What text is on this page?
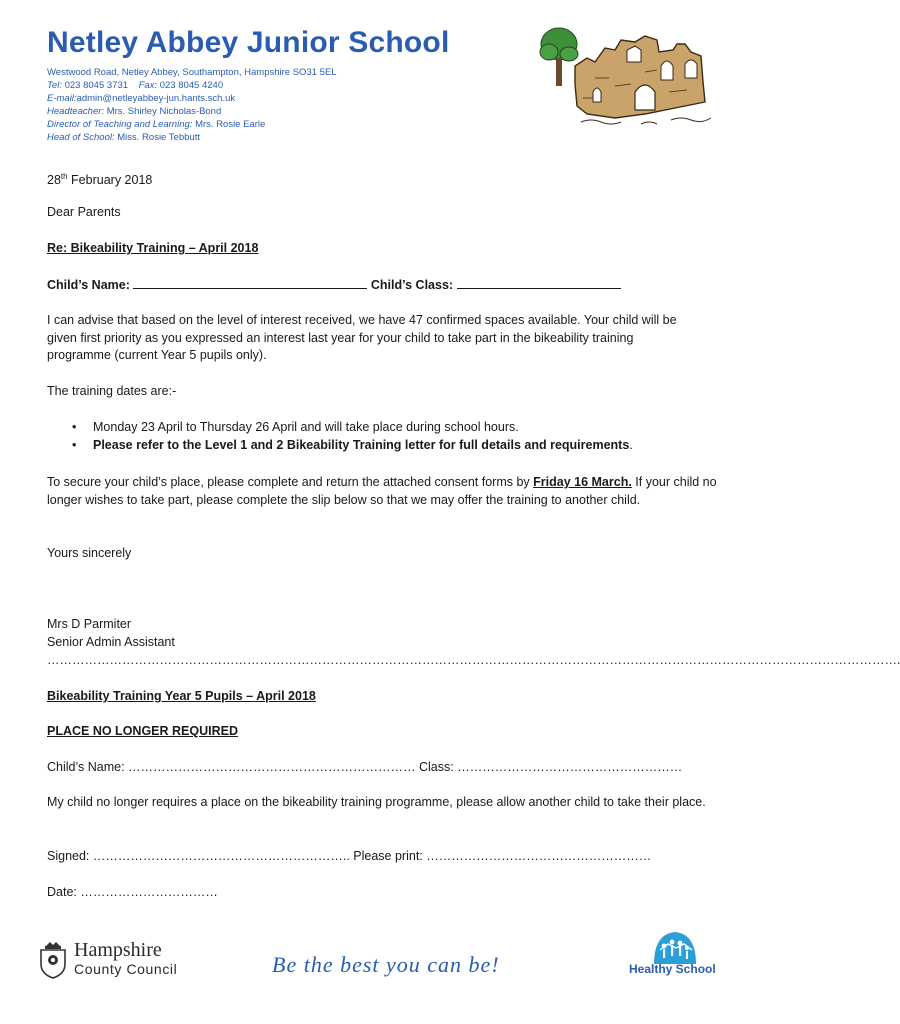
Netley Abbey Junior School
Westwood Road, Netley Abbey, Southampton, Hampshire SO31 5EL
Tel: 023 8045 3731 Fax: 023 8045 4240
E-mail:admin@netleyabbey-jun.hants.sch.uk
Headteacher: Mrs. Shirley Nicholas-Bond
Director of Teaching and Learning: Mrs. Rosie Earle
Head of School: Miss. Rosie Tebbutt
28th February 2018
Dear Parents
Re: Bikeability Training – April 2018
Child’s Name:	Child’s Class:
I can advise that based on the level of interest received, we have 47 confirmed spaces available. Your child will be given first priority as you expressed an interest last year for your child to take part in the bikeability training programme (current Year 5 pupils only).
The training dates are:-
• Monday 23 April to Thursday 26 April and will take place during school hours.
• Please refer to the Level 1 and 2 Bikeability Training letter for full details and requirements.
To secure your child’s place, please complete and return the attached consent forms by Friday 16 March. If your child no longer wishes to take part, please complete the slip below so that we may offer the training to another child.
Yours sincerely
Mrs D Parmiter
Senior Admin Assistant
…………………………………………………………………………………………………………………………………………………………………………………….
Bikeability Training Year 5 Pupils – April 2018
PLACE NO LONGER REQUIRED
Child’s Name: …………………………………………………………… Class: ………………………………………………
My child no longer requires a place on the bikeability training programme, please allow another child to take their place.
Signed: …………………………………………………….. Please print: ………………………………………………
Date: ……………………………
Hampshire
County Council	Be the best you can be!	Healthy School
